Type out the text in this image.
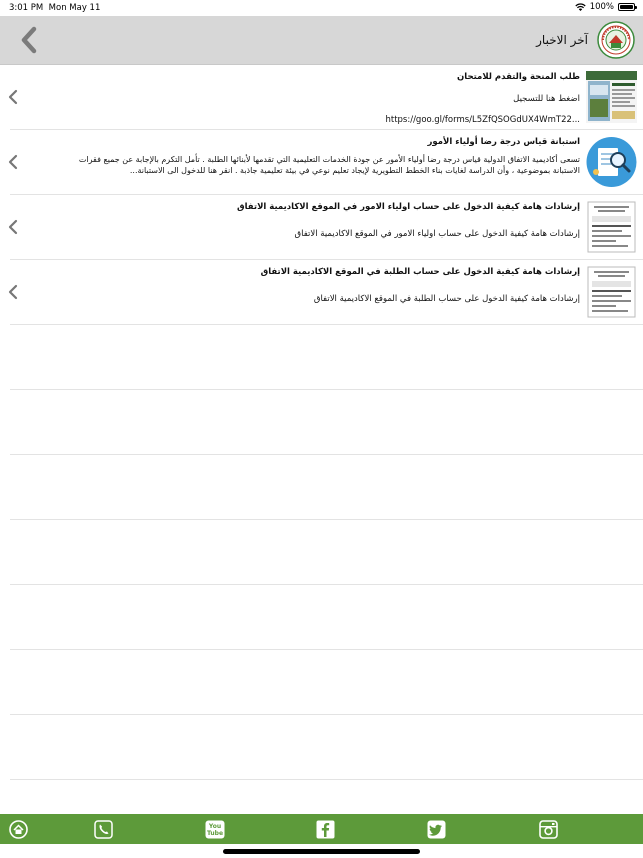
3:01 PM Mon May 11	100%
آخر الاخبار
طلب المنحة والتقدم للامتحان
اضغط هنا للتسجيل
https://goo.gl/forms/L5ZfQSOGdUX4WmT22...
استبانة قياس درجة رضا أولياء الأمور
تسعى أكاديمية الاتفاق الدولية قياس درجة رضا أولياء الأمور عن جودة الخدمات التعليمية التي تقدمها لأبنائها الطلبة . تأمل التكرم بالإجابة عن جميع فقرات الاستبانة بموضوعية ، وأن الدراسة لغايات بناء الخطط التطويرية لإيجاد تعليم نوعي في بيئة تعليمية جاذبة . انقر هنا للدخول الى الاستبانة...
إرشادات هامة كيفية الدخول على حساب اولياء الامور في الموقع الاكاديمية الاتفاق
إرشادات هامة كيفية الدخول على حساب اولياء الامور في الموقع الاكاديمية الاتفاق
إرشادات هامة كيفية الدخول على حساب الطلبة في الموقع الاكاديمية الاتفاق
إرشادات هامة كيفية الدخول على حساب الطلبة في الموقع الاكاديمية الاتفاق
You Tube
